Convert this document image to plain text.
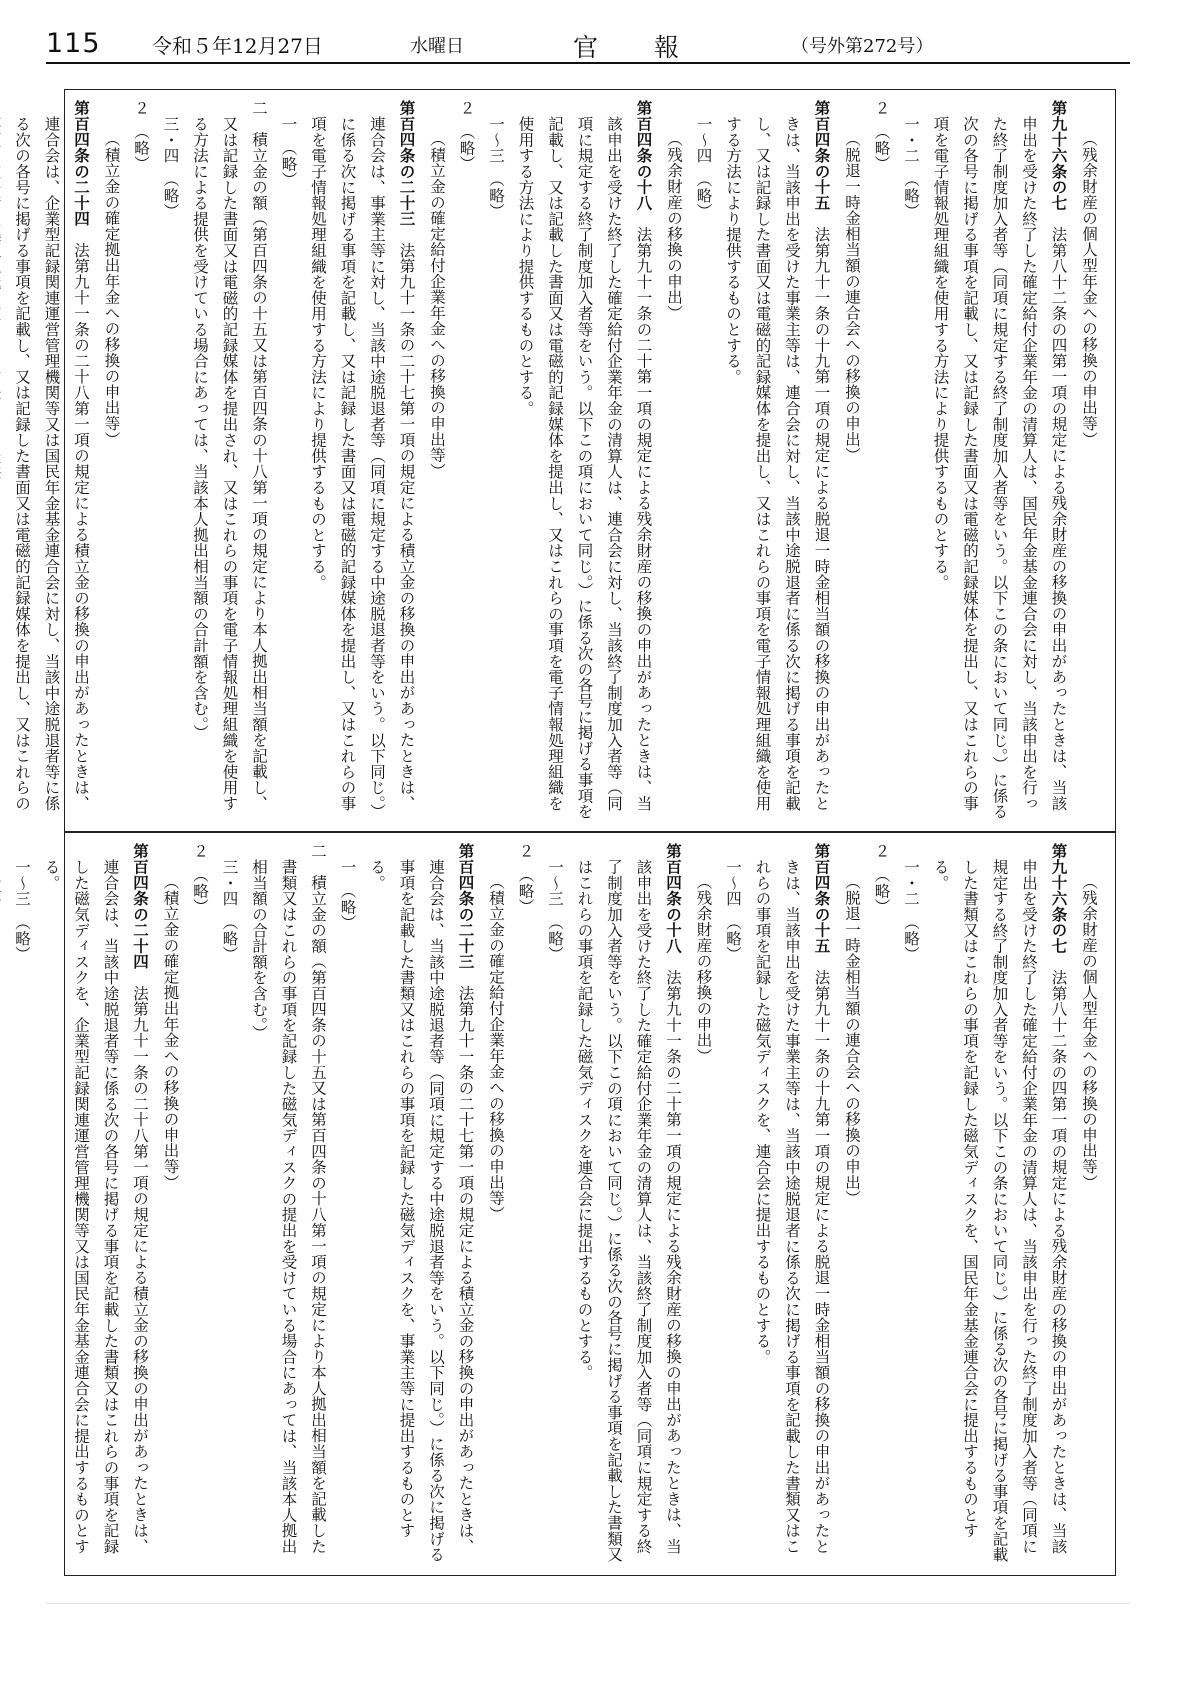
115	令和５年12月27日	水曜日	官報	（号外第272号）

（残余財産の個人型年金への移換の申出等）

第九十六条の七　法第八十二条の四第一項の規定による残余財産の移換の申出があったときは、当該申出を受けた終了した確定給付企業年金の清算人は、国民年金基金連合会に対し、当該申出を行った終了制度加入者等（同項に規定する終了制度加入者等をいう。以下この条において同じ。）に係る次の各号に掲げる事項を記載し、又は記録した書面又は電磁的記録媒体を提出し、又はこれらの事項を電子情報処理組織を使用する方法により提供するものとする。

一・二　（略）

２　（略）

（脱退一時金相当額の連合会への移換の申出）

第百四条の十五　法第九十一条の十九第一項の規定による脱退一時金相当額の移換の申出があったときは、当該申出を受けた事業主等は、連合会に対し、当該中途脱退者に係る次に掲げる事項を記載し、又は記録した書面又は電磁的記録媒体を提出し、又はこれらの事項を電子情報処理組織を使用する方法により提供するものとする。

一～四　（略）

（残余財産の移換の申出）

第百四条の十八　法第九十一条の二十第一項の規定による残余財産の移換の申出があったときは、当該申出を受けた終了した確定給付企業年金の清算人は、連合会に対し、当該終了制度加入者等（同項に規定する終了制度加入者等をいう。以下この項において同じ。）に係る次の各号に掲げる事項を記載し、又は記載した書面又は電磁的記録媒体を提出し、又はこれらの事項を電子情報処理組織を使用する方法により提供するものとする。

一～三　（略）

２　（略）

（積立金の確定給付企業年金への移換の申出等）

第百四条の二十三　法第九十一条の二十七第一項の規定による積立金の移換の申出があったときは、連合会は、事業主等に対し、当該中途脱退者等（同項に規定する中途脱退者等をいう。以下同じ。）に係る次に掲げる事項を記載し、又は記録した書面又は電磁的記録媒体を提出し、又はこれらの事項を電子情報処理組織を使用する方法により提供するものとする。

一　（略）

二　積立金の額（第百四条の十五又は第百四条の十八第一項の規定により本人拠出相当額を記載し、又は記録した書面又は電磁的記録媒体を提出され、又はこれらの事項を電子情報処理組織を使用する方法による提供を受けている場合にあっては、当該本人拠出相当額の合計額を含む。）

三・四　（略）

２　（略）

（積立金の確定拠出年金への移換の申出等）

第百四条の二十四　法第九十一条の二十八第一項の規定による積立金の移換の申出があったときは、連合会は、企業型記録関連運営管理機関等又は国民年金基金連合会に対し、当該中途脱退者等に係る次の各号に掲げる事項を記載し、又は記録した書面又は電磁的記録媒体を提出し、又はこれらの

（残余財産の個人型年金への移換の申出等）

第九十六条の七　法第八十二条の四第一項の規定による残余財産の移換の申出があったときは、当該申出を受けた終了した確定給付企業年金の清算人は、当該申出を行った終了制度加入者等（同項に規定する終了制度加入者等をいう。以下この条において同じ。）に係る次の各号に掲げる事項を記載した書類又はこれらの事項を記録した磁気ディスクを、国民年金基金連合会に提出するものとする。

一・二　（略）

２　（略）

（脱退一時金相当額の連合会への移換の申出）

第百四条の十五　法第九十一条の十九第一項の規定による脱退一時金相当額の移換の申出があったときは、当該申出を受けた事業主等は、当該中途脱退者に係る次に掲げる事項を記載した書類又はこれらの事項を記録した磁気ディスクを、連合会に提出するものとする。

一～四　（略）

（残余財産の移換の申出）

第百四条の十八　法第九十一条の二十第一項の規定による残余財産の移換の申出があったときは、当該申出を受けた終了した確定給付企業年金の清算人は、当該終了制度加入者等（同項に規定する終了制度加入者等をいう。以下この項において同じ。）に係る次の各号に掲げる事項を記載した書類又はこれらの事項を記録した磁気ディスクを連合会に提出するものとする。

一～三　（略）

２　（略）

（積立金の確定給付企業年金への移換の申出等）

第百四条の二十三　法第九十一条の二十七第一項の規定による積立金の移換の申出があったときは、連合会は、当該中途脱退者等（同項に規定する中途脱退者等をいう。以下同じ。）に係る次に掲げる事項を記載した書類又はこれらの事項を記録した磁気ディスクを、事業主等に提出するものとする。

一　（略）

二　積立金の額（第百四条の十五又は第百四条の十八第一項の規定により本人拠出相当額を記載した書類又はこれらの事項を記録した磁気ディスクの提出を受けている場合にあっては、当該本人拠出相当額の合計額を含む。）

三・四　（略）

２　（略）

（積立金の確定拠出年金への移換の申出等）

第百四条の二十四　法第九十一条の二十八第一項の規定による積立金の移換の申出があったときは、連合会は、当該中途脱退者等に係る次の各号に掲げる事項を記載した書類又はこれらの事項を記録した磁気ディスクを、企業型記録関連運営管理機関等又は国民年金基金連合会に提出するものとする。

一～三　（略）
